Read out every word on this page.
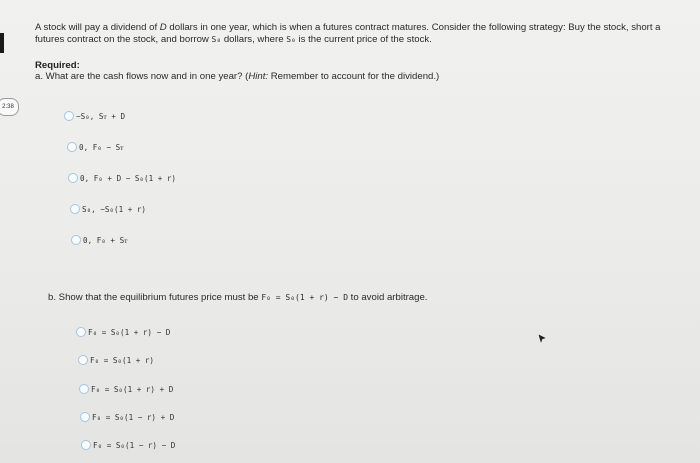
2:38
A stock will pay a dividend of D dollars in one year, which is when a futures contract matures. Consider the following strategy: Buy the stock, short a futures contract on the stock, and borrow S₀ dollars, where S₀ is the current price of the stock.
Required:
a. What are the cash flows now and in one year? (Hint: Remember to account for the dividend.)
−S₀, Sᴛ + D
0, F₀ − Sᴛ
0, F₀ + D − S₀(1 + r)
S₀, −S₀(1 + r)
0, F₀ + Sᴛ
b. Show that the equilibrium futures price must be F₀ = S₀(1 + r) − D to avoid arbitrage.
F₀ = S₀(1 + r) − D
F₀ = S₀(1 + r)
F₀ = S₀(1 + r) + D
F₀ = S₀(1 − r) + D
F₀ = S₀(1 − r) − D
